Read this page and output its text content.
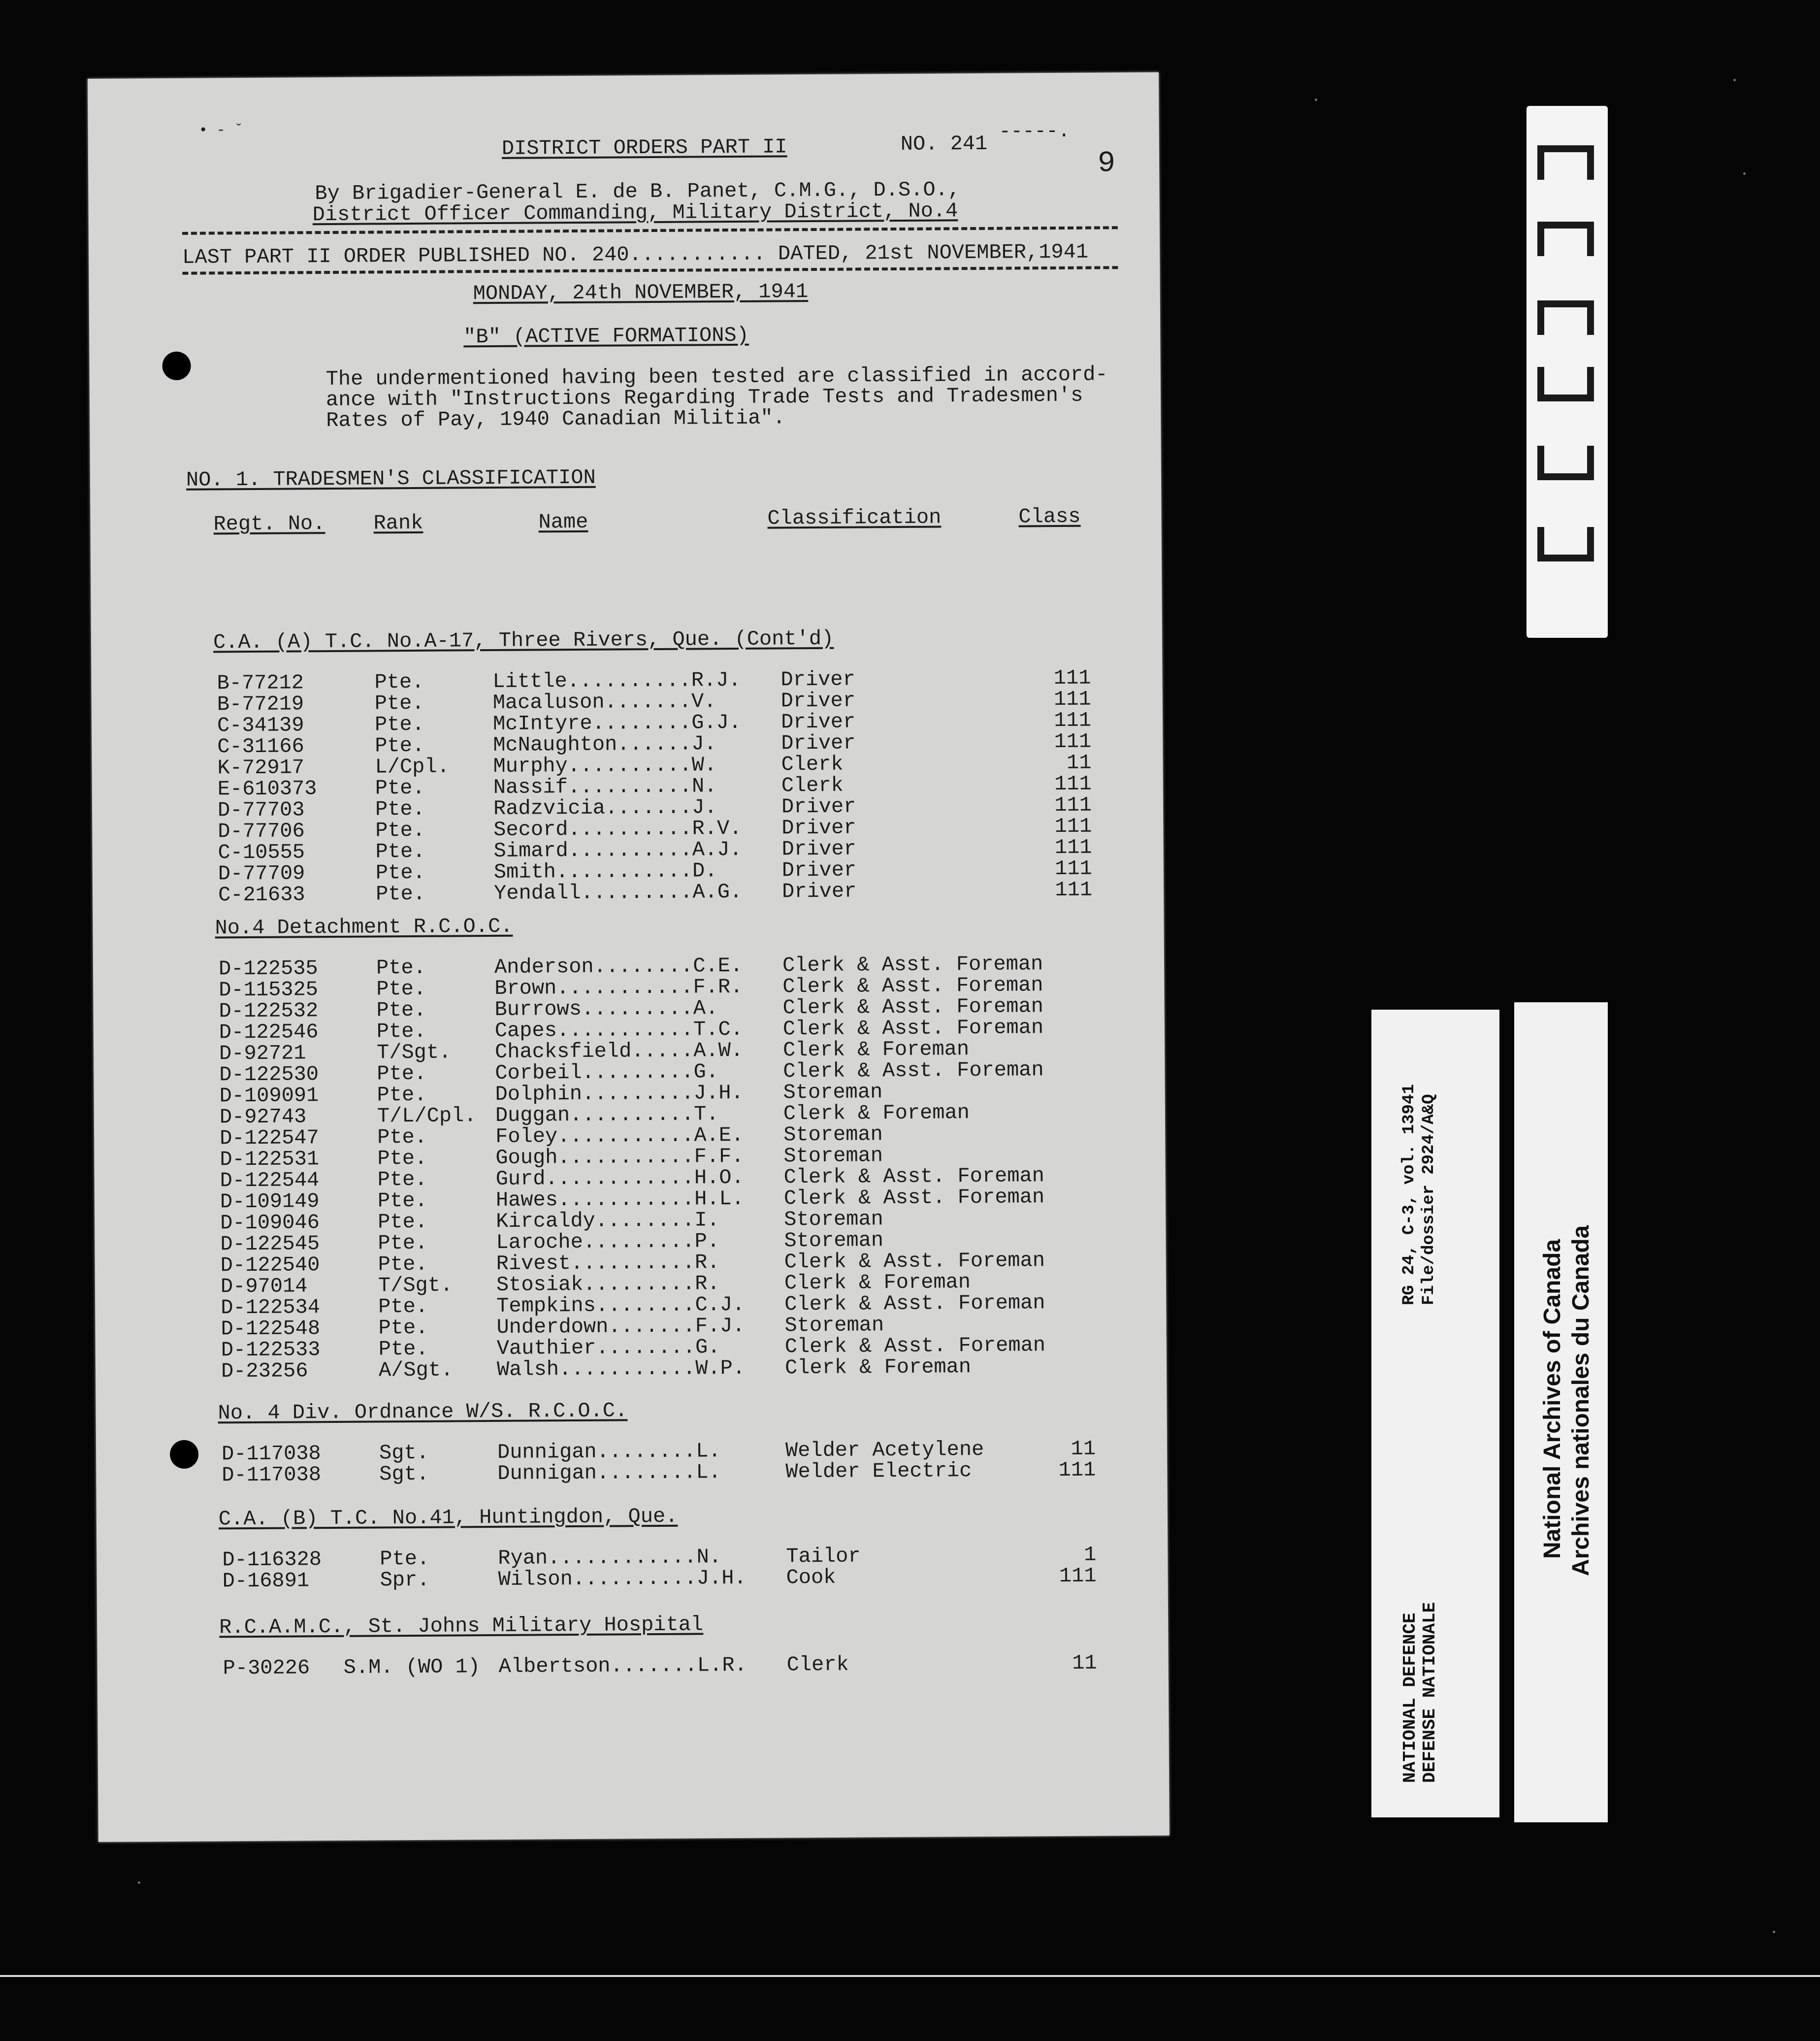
• - ˇ
DISTRICT ORDERS PART II	NO. 241
-----.
9
By Brigadier-General E. de B. Panet, C.M.G., D.S.O.,
District Officer Commanding, Military District, No.4
LAST PART II ORDER PUBLISHED NO. 240........... DATED, 21st NOVEMBER,1941
MONDAY, 24th NOVEMBER, 1941
"B" (ACTIVE FORMATIONS)
The undermentioned having been tested are classified in accord-
ance with "Instructions Regarding Trade Tests and Tradesmen's
Rates of Pay, 1940 Canadian Militia".
NO. 1. TRADESMEN'S CLASSIFICATION
Regt. No. Rank	Name	Classification	Class
C.A. (A) T.C. No.A-17, Three Rivers, Que. (Cont'd)
B-77212	Pte.	Little..........R.J. Driver	111
B-77219	Pte.	Macaluson.......V.	Driver	111
C-34139	Pte.	McIntyre........G.J. Driver	111
C-31166	Pte.	McNaughton......J.	Driver	111
K-72917	L/Cpl. Murphy..........W.	Clerk	11
E-610373	Pte.	Nassif..........N.	Clerk	111
D-77703	Pte.	Radzvicia.......J.	Driver	111
D-77706	Pte.	Secord..........R.V. Driver	111
C-10555	Pte.	Simard..........A.J. Driver	111
D-77709	Pte.	Smith...........D.	Driver	111
C-21633	Pte.	Yendall.........A.G. Driver	111
No.4 Detachment R.C.O.C.
D-122535	Pte.	Anderson........C.E. Clerk & Asst. Foreman
D-115325	Pte.	Brown...........F.R. Clerk & Asst. Foreman
D-122532	Pte.	Burrows.........A.	Clerk & Asst. Foreman
D-122546	Pte.	Capes...........T.C. Clerk & Asst. Foreman
D-92721	T/Sgt. Chacksfield.....A.W. Clerk & Foreman
D-122530	Pte.	Corbeil.........G.	Clerk & Asst. Foreman
D-109091	Pte.	Dolphin.........J.H. Storeman
D-92743	T/L/Cpl. Duggan..........T.	Clerk & Foreman
D-122547	Pte.	Foley...........A.E. Storeman
D-122531	Pte.	Gough...........F.F. Storeman
D-122544	Pte.	Gurd............H.O. Clerk & Asst. Foreman
D-109149	Pte.	Hawes...........H.L. Clerk & Asst. Foreman
D-109046	Pte.	Kircaldy........I.	Storeman
D-122545	Pte.	Laroche.........P.	Storeman
D-122540	Pte.	Rivest..........R.	Clerk & Asst. Foreman
D-97014	T/Sgt. Stosiak.........R.	Clerk & Foreman
D-122534	Pte.	Tempkins........C.J. Clerk & Asst. Foreman
D-122548	Pte.	Underdown.......F.J. Storeman
D-122533	Pte.	Vauthier........G.	Clerk & Asst. Foreman
D-23256	A/Sgt. Walsh...........W.P. Clerk & Foreman
No. 4 Div. Ordnance W/S. R.C.O.C.
D-117038	Sgt.	Dunnigan........L.	Welder Acetylene	11
D-117038	Sgt.	Dunnigan........L.	Welder Electric	111
C.A. (B) T.C. No.41, Huntingdon, Que.
D-116328	Pte.	Ryan............N.	Tailor	1
D-16891	Spr.	Wilson..........J.H. Cook	111
R.C.A.M.C., St. Johns Military Hospital
P-30226 S.M. (WO 1) Albertson.......L.R. Clerk	11	NATIONAL DEFENCE DEFENSE NATIONALE
RG 24, C-3, vol. 13941 File/dossier 2924/A&Q
National Archives of Canada Archives nationales du Canada
